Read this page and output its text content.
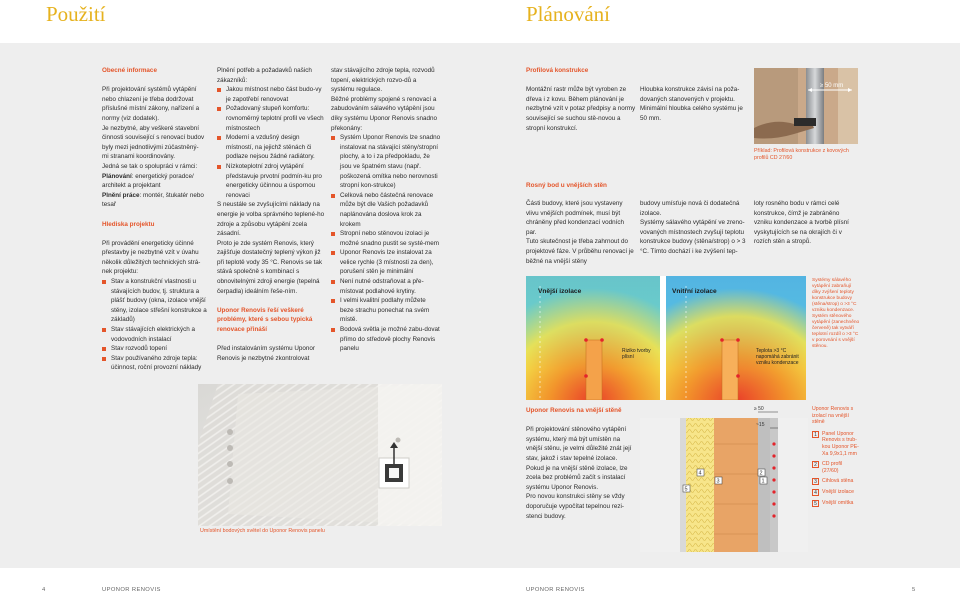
Použití	Plánování

Obecné informace

Při projektování systémů vytápění nebo chlazení je třeba dodržovat příslušné místní zákony, nařízení a normy (viz dodatek).

Je nezbytné, aby veškeré stavební

činnosti související s renovací budov

byly mezi jednotlivými zúčastněný-

mi stranami koordinovány.

Jedná se tak o spolupráci v rámci:

Plánování: energetický poradce/ architekt a projektant

Plnění práce: montér, štukatér nebo tesař

Hlediska projektu

Při provádění energeticky účinné přestavby je nezbytné vzít v úvahu několik důležitých technických strá-nek projektu:

Stav a konstrukční vlastnosti u stávajících budov, tj. struktura a plášť budovy (okna, izolace vnější stěny, izolace střešní konstrukce a základů)
Stav stávajících elektrických a vodovodních instalací
Stav rozvodů topení
Stav používaného zdroje tepla: účinnost, roční provozní náklady

Plnění potřeb a požadavků našich zákazníků:

Jakou místnost nebo část budo-vy je zapotřebí renovovat
Požadovaný stupeň komfortu: rovnoměrný teplotní profil ve všech místnostech
Moderní a vzdušný design místností, na jejichž stěnách či podlaze nejsou žádné radiátory.
Nízkoteplotní zdroj vytápění představuje prvotní podmín-ku pro energeticky účinnou a úspornou renovaci

S neustále se zvyšujícími náklady na energie je volba správného teplené-ho zdroje a způsobu vytápění zcela zásadní.

Proto je zde systém Renovis, který zajišťuje dostatečný teplený výkon již při teplotě vody 35 °C. Renovis se tak stává společně s kombinací s obnovitelnými zdroji energie (tepelná čerpadla) ideálním řeše-ním.

Uponor Renovis řeší veškeré problémy, které s sebou typická renovace přináší

Před instalováním systému Uponor Renovis je nezbytné zkontrolovat

stav stávajícího zdroje tepla, rozvodů topení, elektrických rozvo-dů a systému regulace.

Běžné problémy spojené s renovací a zabudováním sálavého vytápění jsou díky systému Uponor Renovis snadno překonány:

Systém Uponor Renovis lze snadno instalovat na stávající stěny/stropní plochy, a to i za předpokladu, že jsou ve špatném stavu (např. poškozená omítka nebo nerovnosti stropní kon-strukce)
Celková nebo částečná renovace může být dle Vašich požadavků naplánována doslova krok za krokem
Stropní nebo stěnovou izolaci je možné snadno pustit se systé-mem
Uponor Renovis lze instalovat za velice rychle (3 místnosti za den), porušení stěn je minimální
Není nutné odstraňovat a pře-místovat podlahové krytiny.
I velmi kvalitní podlahy můžete beze strachu ponechat na svém místě.
Bodová světla je možné zabu-dovat přímo do středově plochy Renovis panelu
Umístění bodových světel do Uponor Renovis panelu

Profilová konstrukce

Montážní rastr může být vyroben ze dřeva i z kovu. Během plánování je nezbytné vzít v potaz předpisy a normy související se suchou stě-novou a stropní konstrukcí.

Hloubka konstrukce závisí na poža-dovaných stanovených v projektu. Minimální hloubka celého systému je 50 mm.

≥ 50 mm
Příklad: Profilová konstrukce z kovových profilů CD 27/60
Rosný bod u vnějších stěn

Části budovy, které jsou vystaveny vlivu vnějších podmínek, musí být chráněny před kondenzací vodních par.

Tuto skutečnost je třeba zahrnout do projektové fáze. V průběhu renovací je běžné na vnější stěny

budovy umísťuje nová či dodatečná izolace.

Systémy sálavého vytápění ve zreno-vovaných místnostech zvyšují teplotu konstrukce budovy (stěna/strop) o > 3 °C. Tímto dochází i ke zvýšení tep-

loty rosného bodu v rámci celé konstrukce, čímž je zabráněno vzniku kondenzace a tvorbě plísní vyskytujících se na okrajích či v rozích stěn a stropů.

Vnější izolace	Vnitřní izolace
Riziko tvorby plísní
Teplota >3 °C napomáhá zabránit vzniku kondenzace
Systémy sálavého vytápění zabraňují díky zvýšení teploty konstrukce budovy (stěna/strop) o >3 °C vzniku kondenzace. Systém stěnového vytápění (zanechněno červeně) tak vytváří teplotní rozdíl o >3 °C v porovnání s vnější stěnou.

Uponor Renovis na vnější stěně

Při projektování stěnového vytápění systému, který má být umístěn na vnější stěnu, je velmi důležité znát její stav, jakož i stav tepelné izolace.

Pokud je na vnější stěně izolace, lze zcela bez problémů začít s instalací systému Uponor Renovis.

Pro novou konstrukci stěny se vždy doporučuje vypočítat tepelnou rezi-stenci budovy.

≥ 50
~15
5
4
3
2
1
Uponor Renovis s izolací na vnější stěně
1 Panel Uponor Renovis s trub-kou Uponor PE-Xa 9,9x1,1 mm
2 CD profil (27/60)
3 Cihlová stěna
4 Vnější izolace
5 Vnější omítka
4	UPONOR RENOVIS	UPONOR RENOVIS	5
